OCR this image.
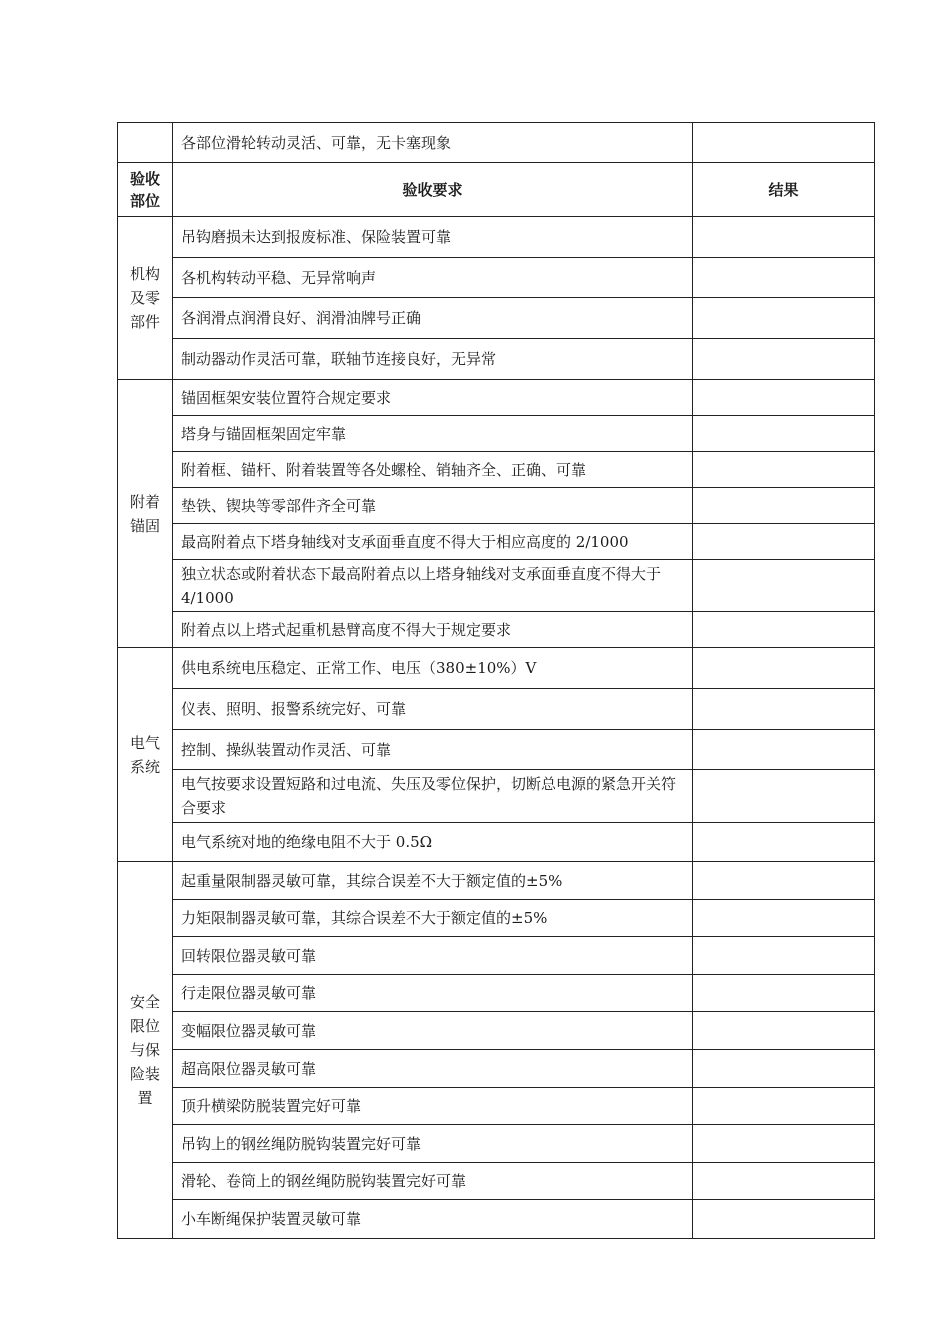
	各部位滑轮转动灵活、可靠，无卡塞现象	
验收
部位	验收要求	结果
机构
及零
部件	吊钩磨损未达到报废标准、保险装置可靠	
	各机构转动平稳、无异常响声	
	各润滑点润滑良好、润滑油牌号正确	
	制动器动作灵活可靠，联轴节连接良好，无异常	
附着
锚固	锚固框架安装位置符合规定要求	
	塔身与锚固框架固定牢靠	
	附着框、锚杆、附着装置等各处螺栓、销轴齐全、正确、可靠	
	垫铁、锲块等零部件齐全可靠	
	最高附着点下塔身轴线对支承面垂直度不得大于相应高度的 2/1000	
	独立状态或附着状态下最高附着点以上塔身轴线对支承面垂直度不得大于 4/1000	
	附着点以上塔式起重机悬臂高度不得大于规定要求	
电气
系统	供电系统电压稳定、正常工作、电压（380±10%）V	
	仪表、照明、报警系统完好、可靠	
	控制、操纵装置动作灵活、可靠	
	电气按要求设置短路和过电流、失压及零位保护，切断总电源的紧急开关符合要求	
	电气系统对地的绝缘电阻不大于 0.5Ω	
安全
限位
与保
险装
置	起重量限制器灵敏可靠，其综合误差不大于额定值的±5%	
	力矩限制器灵敏可靠，其综合误差不大于额定值的±5%	
	回转限位器灵敏可靠	
	行走限位器灵敏可靠	
	变幅限位器灵敏可靠	
	超高限位器灵敏可靠	
	顶升横梁防脱装置完好可靠	
	吊钩上的钢丝绳防脱钩装置完好可靠	
	滑轮、卷筒上的钢丝绳防脱钩装置完好可靠	
	小车断绳保护装置灵敏可靠	
